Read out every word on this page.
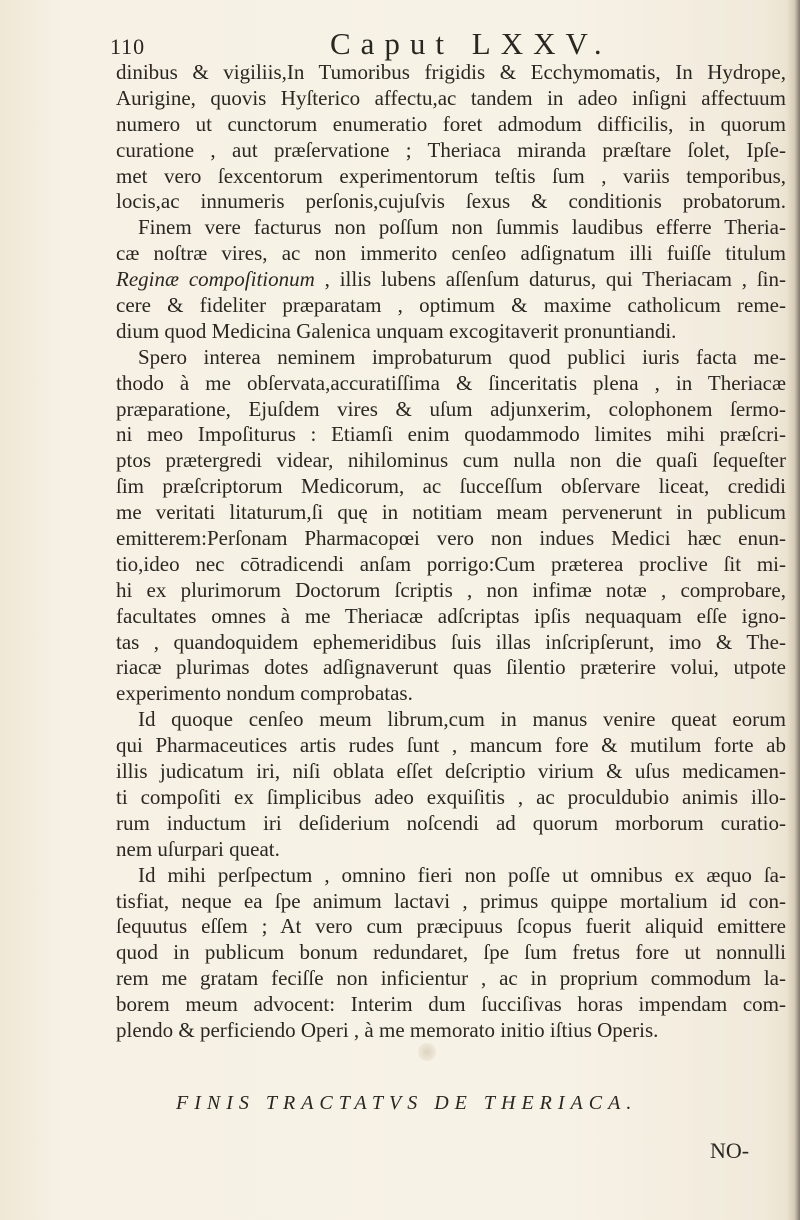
110	Caput LXXV.
dinibus & vigiliis,In Tumoribus frigidis & Ecchymomatis, In Hydrope,
Aurigine, quovis Hyſterico affectu,ac tandem in adeo inſigni affectuum
numero ut cunctorum enumeratio foret admodum difficilis, in quorum
curatione , aut præſervatione ; Theriaca miranda præſtare ſolet, Ipſe-
met vero ſexcentorum experimentorum teſtis ſum , variis temporibus,
locis,ac innumeris perſonis,cujuſvis ſexus & conditionis probatorum.
Finem vere facturus non poſſum non ſummis laudibus efferre Theria-
cæ noſtræ vires, ac non immerito cenſeo adſignatum illi fuiſſe titulum
Reginæ compoſitionum , illis lubens aſſenſum daturus, qui Theriacam , ſin-
cere & fideliter præparatam , optimum & maxime catholicum reme-
dium quod Medicina Galenica unquam excogitaverit pronuntiandi.
Spero interea neminem improbaturum quod publici iuris facta me-
thodo à me obſervata,accuratiſſima & ſinceritatis plena , in Theriacæ
præparatione, Ejuſdem vires & uſum adjunxerim, colophonem ſermo-
ni meo Impoſiturus : Etiamſi enim quodammodo limites mihi præſcri-
ptos prætergredi videar, nihilominus cum nulla non die quaſi ſequeſter
ſim præſcriptorum Medicorum, ac ſucceſſum obſervare liceat, credidi
me veritati litaturum,ſi quę in notitiam meam pervenerunt in publicum
emitterem:Perſonam Pharmacopœi vero non indues Medici hæc enun-
tio,ideo nec cōtradicendi anſam porrigo:Cum præterea proclive ſit mi-
hi ex plurimorum Doctorum ſcriptis , non infimæ notæ , comprobare,
facultates omnes à me Theriacæ adſcriptas ipſis nequaquam eſſe igno-
tas , quandoquidem ephemeridibus ſuis illas inſcripſerunt, imo & The-
riacæ plurimas dotes adſignaverunt quas ſilentio præterire volui, utpote
experimento nondum comprobatas.
Id quoque cenſeo meum librum,cum in manus venire queat eorum
qui Pharmaceutices artis rudes ſunt , mancum fore & mutilum forte ab
illis judicatum iri, niſi oblata eſſet deſcriptio virium & uſus medicamen-
ti compoſiti ex ſimplicibus adeo exquiſitis , ac proculdubio animis illo-
rum inductum iri deſiderium noſcendi ad quorum morborum curatio-
nem uſurpari queat.
Id mihi perſpectum , omnino fieri non poſſe ut omnibus ex æquo ſa-
tisfiat, neque ea ſpe animum lactavi , primus quippe mortalium id con-
ſequutus eſſem ; At vero cum præcipuus ſcopus fuerit aliquid emittere
quod in publicum bonum redundaret, ſpe ſum fretus fore ut nonnulli
rem me gratam feciſſe non inficientur , ac in proprium commodum la-
borem meum advocent: Interim dum ſucciſivas horas impendam com-
plendo & perficiendo Operi , à me memorato initio iſtius Operis.
FINIS TRACTATVS DE THERIACA.
NO-
